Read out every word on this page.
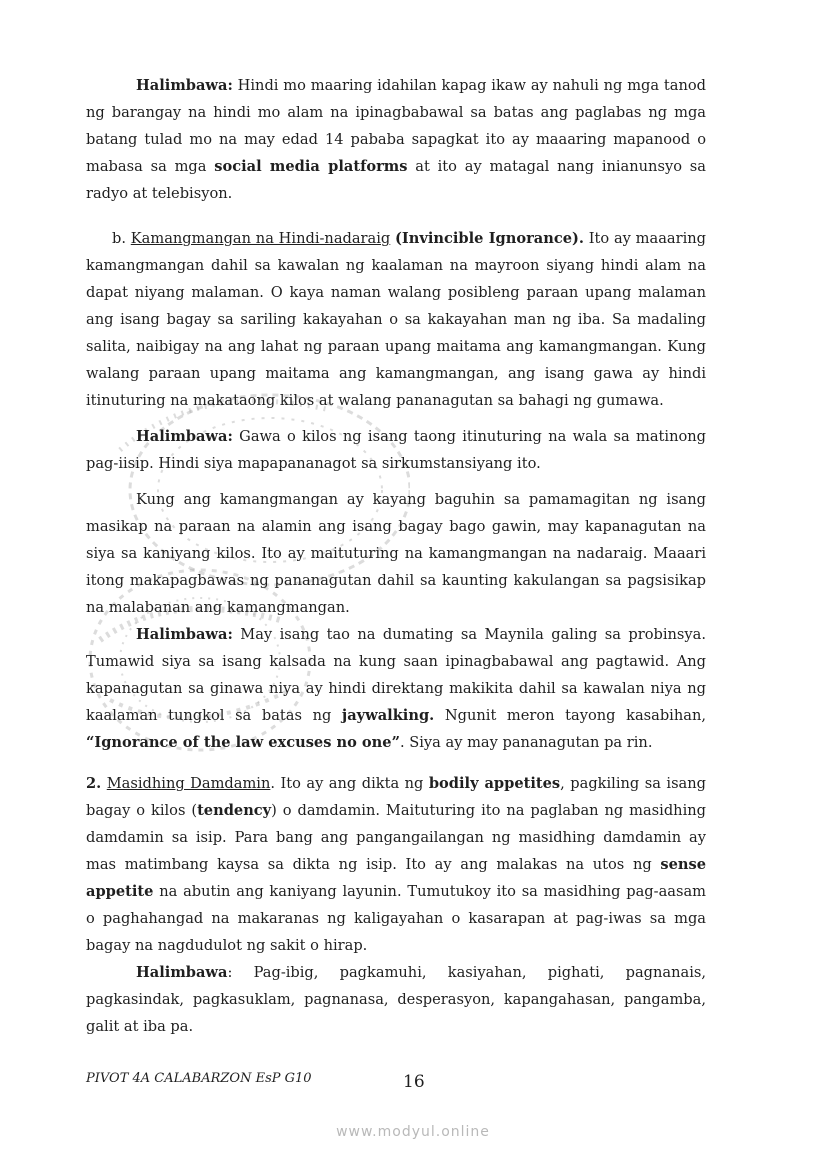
Halimbawa: Hindi mo maaring idahilan kapag ikaw ay nahuli ng mga tanod ng barangay na hindi mo alam na ipinagbabawal sa batas ang paglabas ng mga batang tulad mo na may edad 14 pababa sapagkat ito ay maaaring mapanood o mabasa sa mga social media platforms at ito ay matagal nang inianunsyo sa radyo at telebisyon.

b. Kamangmangan na Hindi-nadaraig (Invincible Ignorance). Ito ay maaaring kamangmangan dahil sa kawalan ng kaalaman na mayroon siyang hindi alam na dapat niyang malaman. O kaya naman walang posibleng paraan upang malaman ang isang bagay sa sariling kakayahan o sa kakayahan man ng iba. Sa madaling salita, naibigay na ang lahat ng paraan upang maitama ang kamangmangan. Kung walang paraan upang maitama ang kamangmangan, ang isang gawa ay hindi itinuturing na makataong kilos at walang pananagutan sa bahagi ng gumawa.

Halimbawa: Gawa o kilos ng isang taong itinuturing na wala sa matinong pag-iisip. Hindi siya mapapananagot sa sirkumstansiyang ito.

Kung ang kamangmangan ay kayang baguhin sa pamamagitan ng isang masikap na paraan na alamin ang isang bagay bago gawin, may kapanagutan na siya sa kaniyang kilos. Ito ay maituturing na kamangmangan na nadaraig. Maaari itong makapagbawas ng pananagutan dahil sa kaunting kakulangan sa pagsisikap na malabanan ang kamangmangan.

Halimbawa: May isang tao na dumating sa Maynila galing sa probinsya. Tumawid siya sa isang kalsada na kung saan ipinagbabawal ang pagtawid. Ang kapanagutan sa ginawa niya ay hindi direktang makikita dahil sa kawalan niya ng kaalaman tungkol sa batas ng jaywalking. Ngunit meron tayong kasabihan, “Ignorance of the law excuses no one”. Siya ay may pananagutan pa rin.

2. Masidhing Damdamin. Ito ay ang dikta ng bodily appetites, pagkiling sa isang bagay o kilos (tendency) o damdamin. Maituturing ito na paglaban ng masidhing damdamin sa isip. Para bang ang pangangailangan ng masidhing damdamin ay mas matimbang kaysa sa dikta ng isip. Ito ay ang malakas na utos ng sense appetite na abutin ang kaniyang layunin. Tumutukoy ito sa masidhing pag-aasam o paghahangad na makaranas ng kaligayahan o kasarapan at pag-iwas sa mga bagay na nagdudulot ng sakit o hirap.

Halimbawa: Pag-ibig, pagkamuhi, kasiyahan, pighati, pagnanais, pagkasindak, pagkasuklam, pagnanasa, desperasyon, kapangahasan, pangamba, galit at iba pa.

PIVOT 4A CALABARZON EsP G10	16
www.modyul.online
